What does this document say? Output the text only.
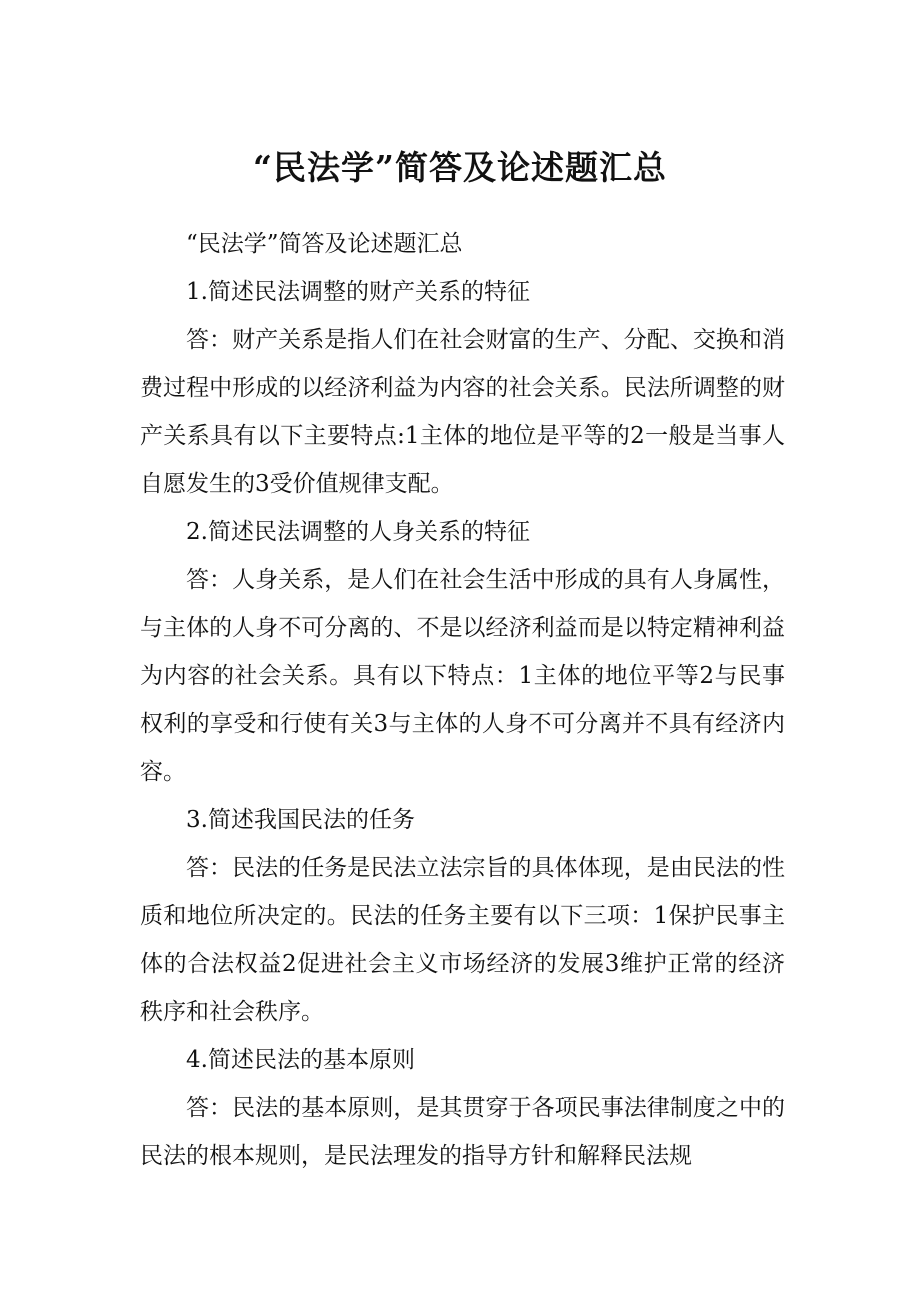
“民法学”简答及论述题汇总

“民法学”简答及论述题汇总

1.简述民法调整的财产关系的特征

答：财产关系是指人们在社会财富的生产、分配、交换和消费过程中形成的以经济利益为内容的社会关系。民法所调整的财产关系具有以下主要特点:1主体的地位是平等的2一般是当事人自愿发生的3受价值规律支配。

2.简述民法调整的人身关系的特征

答：人身关系，是人们在社会生活中形成的具有人身属性，与主体的人身不可分离的、不是以经济利益而是以特定精神利益为内容的社会关系。具有以下特点：1主体的地位平等2与民事权利的享受和行使有关3与主体的人身不可分离并不具有经济内容。

3.简述我国民法的任务

答：民法的任务是民法立法宗旨的具体体现，是由民法的性质和地位所决定的。民法的任务主要有以下三项：1保护民事主体的合法权益2促进社会主义市场经济的发展3维护正常的经济秩序和社会秩序。

4.简述民法的基本原则

答：民法的基本原则，是其贯穿于各项民事法律制度之中的民法的根本规则，是民法理发的指导方针和解释民法规
